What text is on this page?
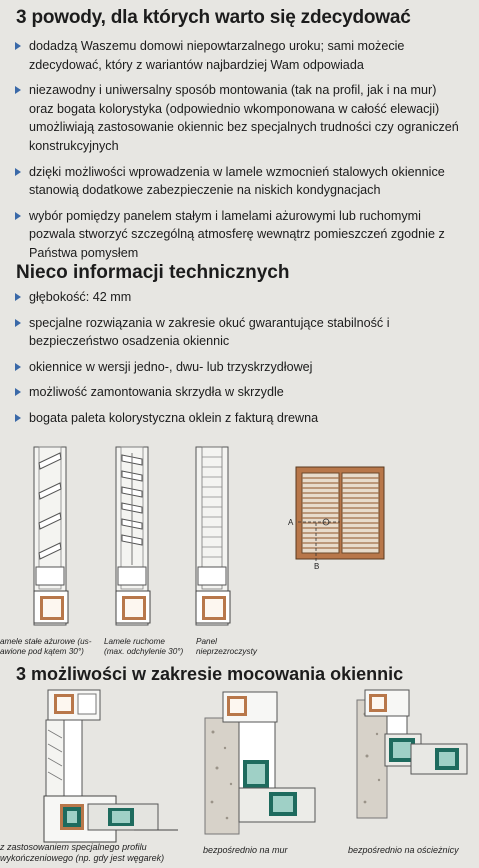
3 powody, dla których warto się zdecydować
dodadzą Waszemu domowi niepowtarzalnego uroku; sami możecie zdecydować, który z wariantów najbardziej Wam odpowiada
niezawodny i uniwersalny sposób montowania (tak na profil, jak i na mur) oraz bogata kolorystyka (odpowiednio wkomponowana w całość elewacji) umożliwiają zastosowanie okiennic bez specjalnych trudności czy ograniczeń konstrukcyjnych
dzięki możliwości wprowadzenia w lamele wzmocnień stalowych okiennice stanowią dodatkowe zabezpieczenie na niskich kondygnacjach
wybór pomiędzy panelem stałym i lamelami ażurowymi lub ruchomymi pozwala stworzyć szczególną atmosferę wewnątrz pomieszczeń zgodnie z Państwa pomysłem
Nieco informacji technicznych
głębokość: 42 mm
specjalne rozwiązania w zakresie okuć gwarantujące stabilność i bezpieczeństwo osadzenia okiennic
okiennice w wersji jedno-, dwu- lub trzyskrzydłowej
możliwość zamontowania skrzydła w skrzydle
bogata paleta kolorystyczna oklein z fakturą drewna
amele stałe ażurowe (us-
awione pod kątem 30°)
Lamele ruchome
(max. odchylenie 30°)
Panel
nieprzezroczysty
A
B
3 możliwości w zakresie mocowania okiennic
z zastosowaniem specjalnego profilu
wykończeniowego (np. gdy jest węgarek)
bezpośrednio na mur	bezpośrednio na ościeżnicy
